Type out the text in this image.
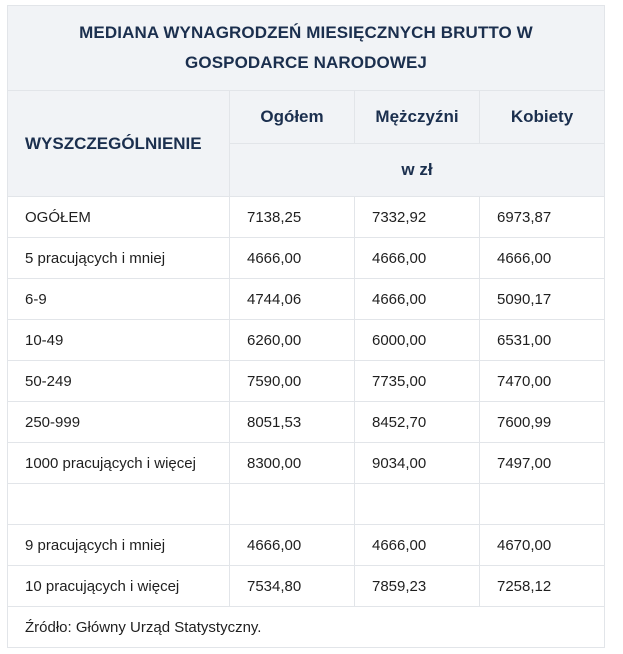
MEDIANA WYNAGRODZEŃ MIESIĘCZNYCH BRUTTO W GOSPODARCE NARODOWEJ			
WYSZCZEGÓLNIENIE	Ogółem	Mężczyźni	Kobiety
	w zł		
OGÓŁEM	7138,25	7332,92	6973,87
5 pracujących i mniej	4666,00	4666,00	4666,00
6-9	4744,06	4666,00	5090,17
10-49	6260,00	6000,00	6531,00
50-249	7590,00	7735,00	7470,00
250-999	8051,53	8452,70	7600,99
1000 pracujących i więcej	8300,00	9034,00	7497,00

9 pracujących i mniej	4666,00	4666,00	4670,00
10 pracujących i więcej	7534,80	7859,23	7258,12
Źródło: Główny Urząd Statystyczny.			
